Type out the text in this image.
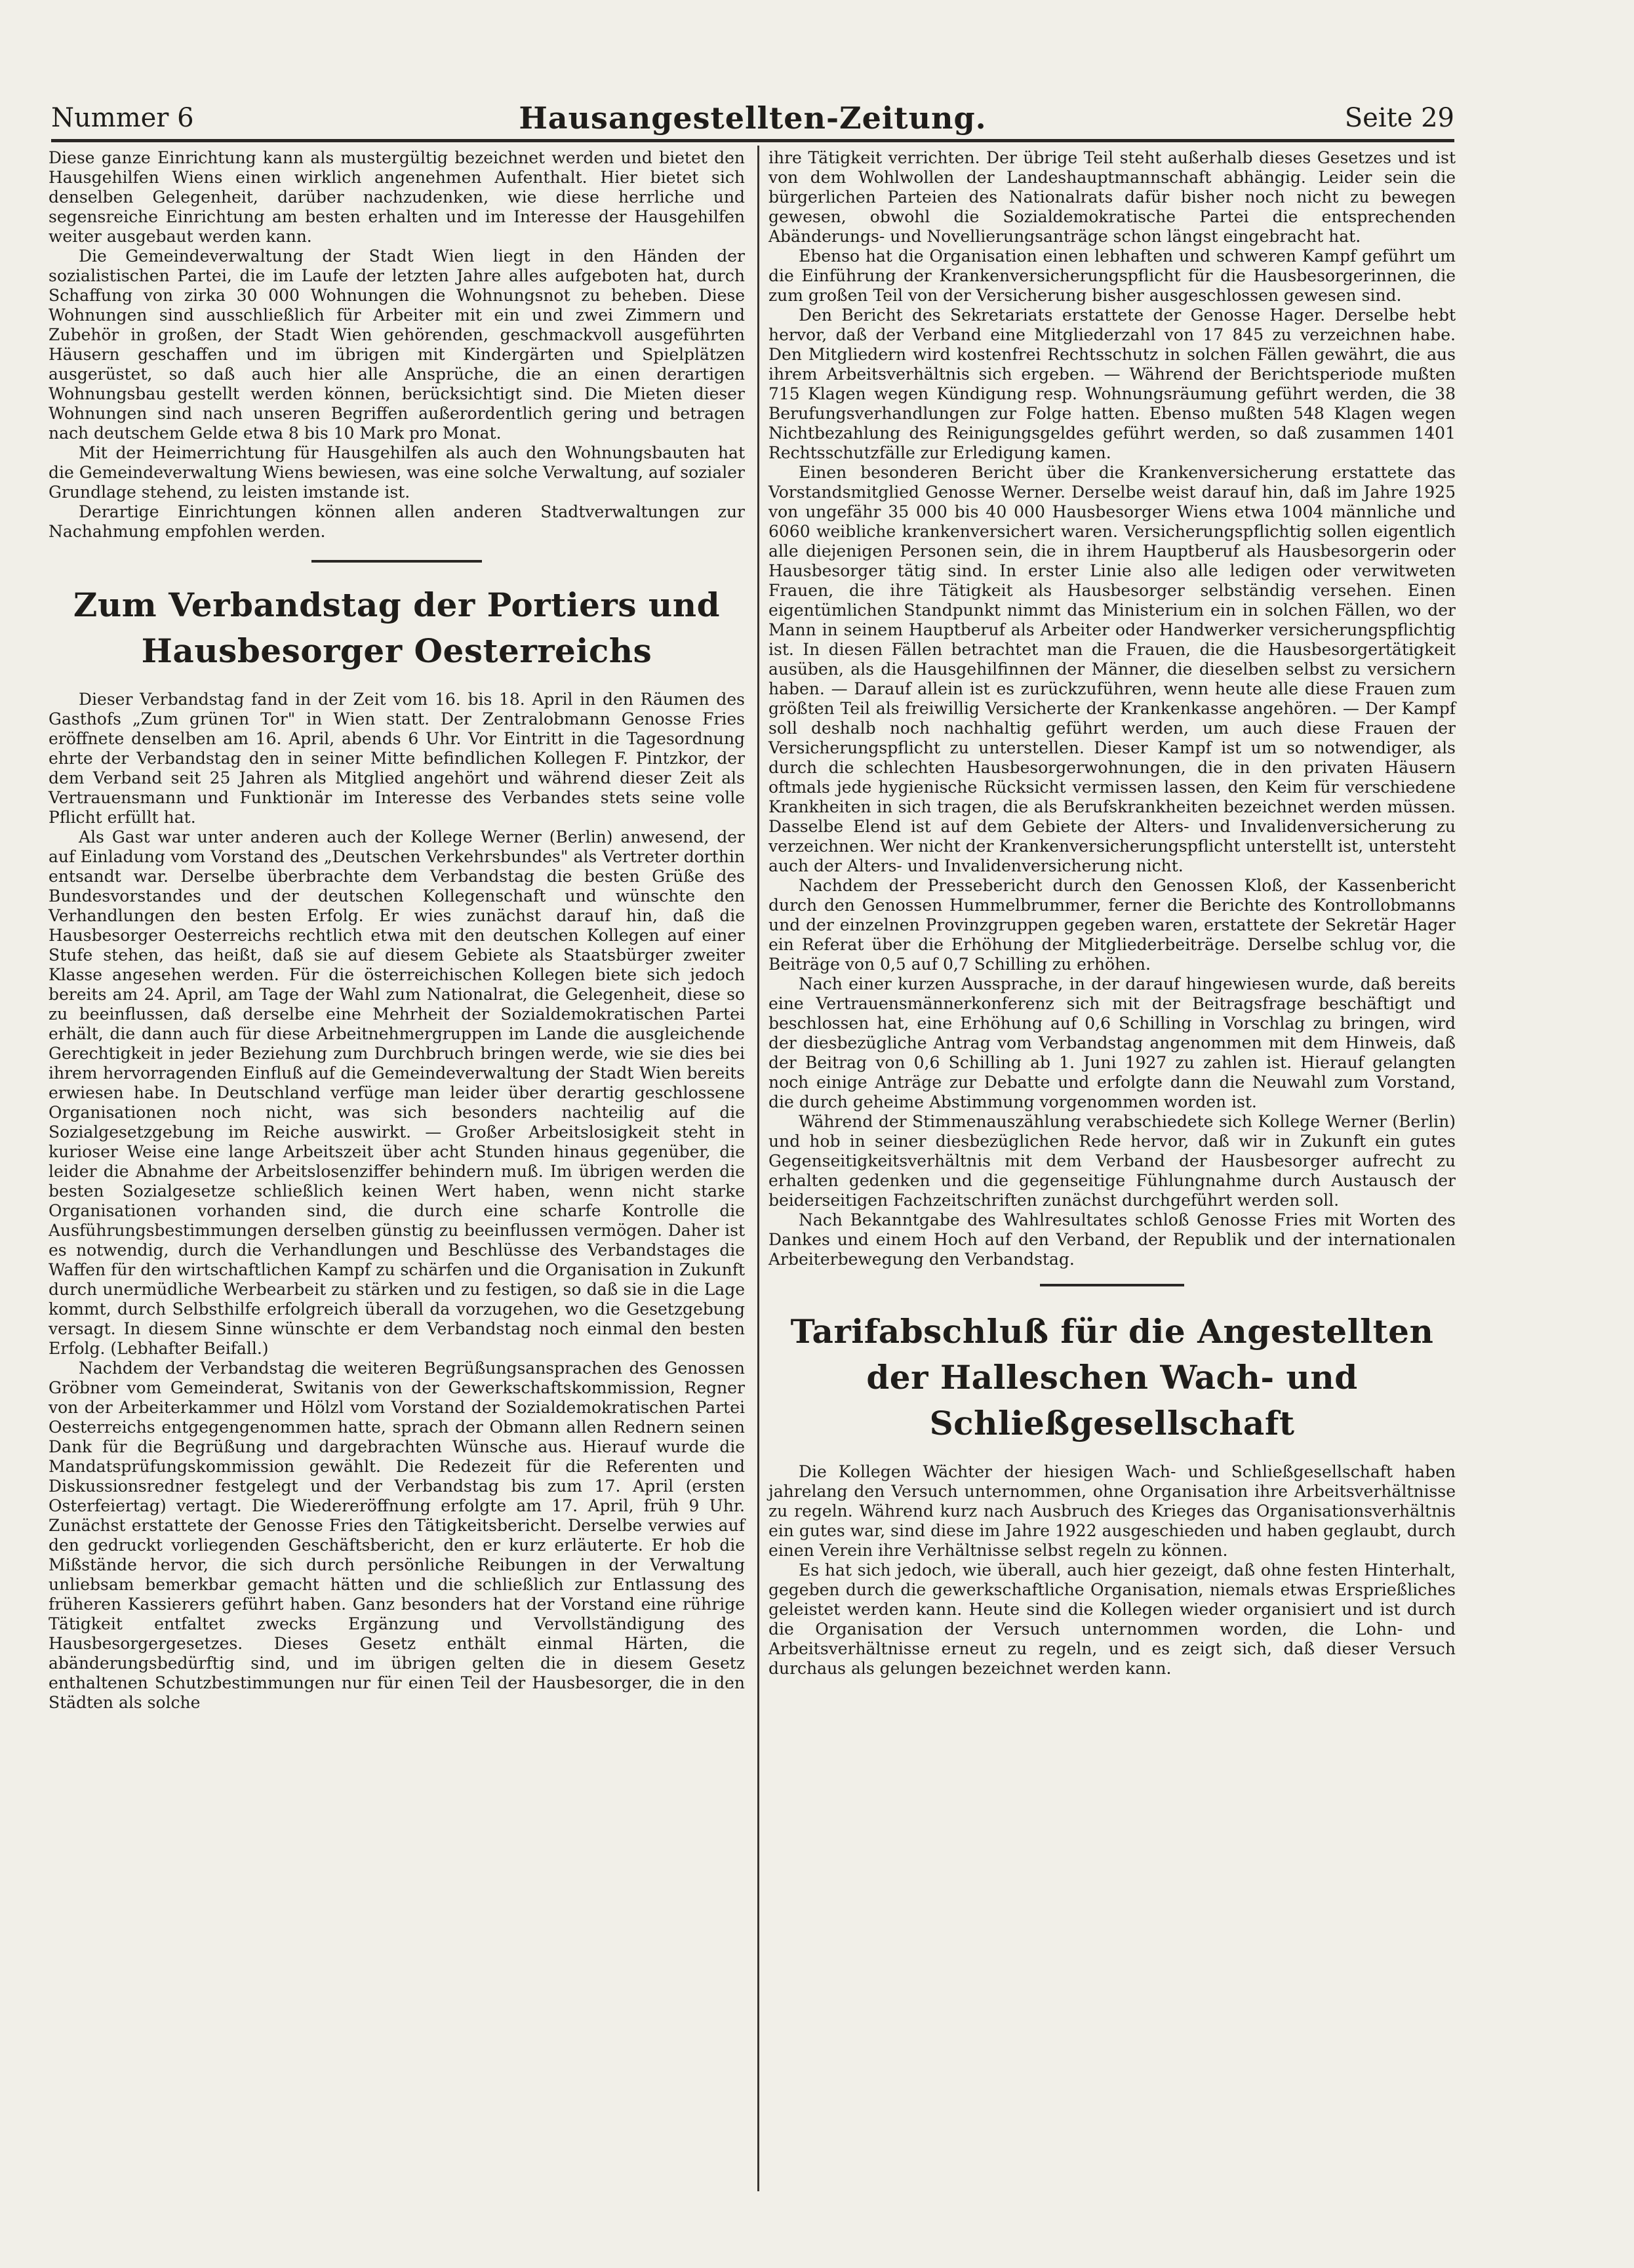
Nummer 6	Hausangestellten-Zeitung.	Seite 29

Diese ganze Einrichtung kann als mustergültig bezeichnet werden und bietet den Hausgehilfen Wiens einen wirklich angenehmen Aufenthalt. Hier bietet sich denselben Gelegenheit, darüber nachzudenken, wie diese herrliche und segensreiche Einrichtung am besten erhalten und im Interesse der Hausgehilfen weiter ausgebaut werden kann.

Die Gemeindeverwaltung der Stadt Wien liegt in den Händen der sozialistischen Partei, die im Laufe der letzten Jahre alles aufgeboten hat, durch Schaffung von zirka 30 000 Wohnungen die Wohnungsnot zu beheben. Diese Wohnungen sind ausschließlich für Arbeiter mit ein und zwei Zimmern und Zubehör in großen, der Stadt Wien gehörenden, geschmackvoll ausgeführten Häusern geschaffen und im übrigen mit Kindergärten und Spielplätzen ausgerüstet, so daß auch hier alle Ansprüche, die an einen derartigen Wohnungsbau gestellt werden können, berücksichtigt sind. Die Mieten dieser Wohnungen sind nach unseren Begriffen außerordentlich gering und betragen nach deutschem Gelde etwa 8 bis 10 Mark pro Monat.

Mit der Heimerrichtung für Hausgehilfen als auch den Wohnungsbauten hat die Gemeindeverwaltung Wiens bewiesen, was eine solche Verwaltung, auf sozialer Grundlage stehend, zu leisten imstande ist.

Derartige Einrichtungen können allen anderen Stadtverwaltungen zur Nachahmung empfohlen werden.

Zum Verbandstag der Portiers und Hausbesorger Oesterreichs

Dieser Verbandstag fand in der Zeit vom 16. bis 18. April in den Räumen des Gasthofs „Zum grünen Tor" in Wien statt. Der Zentralobmann Genosse Fries eröffnete denselben am 16. April, abends 6 Uhr. Vor Eintritt in die Tagesordnung ehrte der Verbandstag den in seiner Mitte befindlichen Kollegen F. Pintzkor, der dem Verband seit 25 Jahren als Mitglied angehört und während dieser Zeit als Vertrauensmann und Funktionär im Interesse des Verbandes stets seine volle Pflicht erfüllt hat.

Als Gast war unter anderen auch der Kollege Werner (Berlin) anwesend, der auf Einladung vom Vorstand des „Deutschen Verkehrsbundes" als Vertreter dorthin entsandt war. Derselbe überbrachte dem Verbandstag die besten Grüße des Bundesvorstandes und der deutschen Kollegenschaft und wünschte den Verhandlungen den besten Erfolg. Er wies zunächst darauf hin, daß die Hausbesorger Oesterreichs rechtlich etwa mit den deutschen Kollegen auf einer Stufe stehen, das heißt, daß sie auf diesem Gebiete als Staatsbürger zweiter Klasse angesehen werden. Für die österreichischen Kollegen biete sich jedoch bereits am 24. April, am Tage der Wahl zum Nationalrat, die Gelegenheit, diese so zu beeinflussen, daß derselbe eine Mehrheit der Sozialdemokratischen Partei erhält, die dann auch für diese Arbeitnehmergruppen im Lande die ausgleichende Gerechtigkeit in jeder Beziehung zum Durchbruch bringen werde, wie sie dies bei ihrem hervorragenden Einfluß auf die Gemeindeverwaltung der Stadt Wien bereits erwiesen habe. In Deutschland verfüge man leider über derartig geschlossene Organisationen noch nicht, was sich besonders nachteilig auf die Sozialgesetzgebung im Reiche auswirkt. — Großer Arbeitslosigkeit steht in kurioser Weise eine lange Arbeitszeit über acht Stunden hinaus gegenüber, die leider die Abnahme der Arbeitslosenziffer behindern muß. Im übrigen werden die besten Sozialgesetze schließlich keinen Wert haben, wenn nicht starke Organisationen vorhanden sind, die durch eine scharfe Kontrolle die Ausführungsbestimmungen derselben günstig zu beeinflussen vermögen. Daher ist es notwendig, durch die Verhandlungen und Beschlüsse des Verbandstages die Waffen für den wirtschaftlichen Kampf zu schärfen und die Organisation in Zukunft durch unermüdliche Werbearbeit zu stärken und zu festigen, so daß sie in die Lage kommt, durch Selbsthilfe erfolgreich überall da vorzugehen, wo die Gesetzgebung versagt. In diesem Sinne wünschte er dem Verbandstag noch einmal den besten Erfolg. (Lebhafter Beifall.)

Nachdem der Verbandstag die weiteren Begrüßungsansprachen des Genossen Gröbner vom Gemeinderat, Switanis von der Gewerkschaftskommission, Regner von der Arbeiterkammer und Hölzl vom Vorstand der Sozialdemokratischen Partei Oesterreichs entgegengenommen hatte, sprach der Obmann allen Rednern seinen Dank für die Begrüßung und dargebrachten Wünsche aus. Hierauf wurde die Mandatsprüfungskommission gewählt. Die Redezeit für die Referenten und Diskussionsredner festgelegt und der Verbandstag bis zum 17. April (ersten Osterfeiertag) vertagt. Die Wiedereröffnung erfolgte am 17. April, früh 9 Uhr. Zunächst erstattete der Genosse Fries den Tätigkeitsbericht. Derselbe verwies auf den gedruckt vorliegenden Geschäftsbericht, den er kurz erläuterte. Er hob die Mißstände hervor, die sich durch persönliche Reibungen in der Verwaltung unliebsam bemerkbar gemacht hätten und die schließlich zur Entlassung des früheren Kassierers geführt haben. Ganz besonders hat der Vorstand eine rührige Tätigkeit entfaltet zwecks Ergänzung und Vervollständigung des Hausbesorgergesetzes. Dieses Gesetz enthält einmal Härten, die abänderungsbedürftig sind, und im übrigen gelten die in diesem Gesetz enthaltenen Schutzbestimmungen nur für einen Teil der Hausbesorger, die in den Städten als solche

ihre Tätigkeit verrichten. Der übrige Teil steht außerhalb dieses Gesetzes und ist von dem Wohlwollen der Landeshauptmannschaft abhängig. Leider sein die bürgerlichen Parteien des Nationalrats dafür bisher noch nicht zu bewegen gewesen, obwohl die Sozialdemokratische Partei die entsprechenden Abänderungs- und Novellierungsanträge schon längst eingebracht hat.

Ebenso hat die Organisation einen lebhaften und schweren Kampf geführt um die Einführung der Krankenversicherungspflicht für die Hausbesorgerinnen, die zum großen Teil von der Versicherung bisher ausgeschlossen gewesen sind.

Den Bericht des Sekretariats erstattete der Genosse Hager. Derselbe hebt hervor, daß der Verband eine Mitgliederzahl von 17 845 zu verzeichnen habe. Den Mitgliedern wird kostenfrei Rechtsschutz in solchen Fällen gewährt, die aus ihrem Arbeitsverhältnis sich ergeben. — Während der Berichtsperiode mußten 715 Klagen wegen Kündigung resp. Wohnungsräumung geführt werden, die 38 Berufungsverhandlungen zur Folge hatten. Ebenso mußten 548 Klagen wegen Nichtbezahlung des Reinigungsgeldes geführt werden, so daß zusammen 1401 Rechtsschutzfälle zur Erledigung kamen.

Einen besonderen Bericht über die Krankenversicherung erstattete das Vorstandsmitglied Genosse Werner. Derselbe weist darauf hin, daß im Jahre 1925 von ungefähr 35 000 bis 40 000 Hausbesorger Wiens etwa 1004 männliche und 6060 weibliche krankenversichert waren. Versicherungspflichtig sollen eigentlich alle diejenigen Personen sein, die in ihrem Hauptberuf als Hausbesorgerin oder Hausbesorger tätig sind. In erster Linie also alle ledigen oder verwitweten Frauen, die ihre Tätigkeit als Hausbesorger selbständig versehen. Einen eigentümlichen Standpunkt nimmt das Ministerium ein in solchen Fällen, wo der Mann in seinem Hauptberuf als Arbeiter oder Handwerker versicherungspflichtig ist. In diesen Fällen betrachtet man die Frauen, die die Hausbesorgertätigkeit ausüben, als die Hausgehilfinnen der Männer, die dieselben selbst zu versichern haben. — Darauf allein ist es zurückzuführen, wenn heute alle diese Frauen zum größten Teil als freiwillig Versicherte der Krankenkasse angehören. — Der Kampf soll deshalb noch nachhaltig geführt werden, um auch diese Frauen der Versicherungspflicht zu unterstellen. Dieser Kampf ist um so notwendiger, als durch die schlechten Hausbesorgerwohnungen, die in den privaten Häusern oftmals jede hygienische Rücksicht vermissen lassen, den Keim für verschiedene Krankheiten in sich tragen, die als Berufskrankheiten bezeichnet werden müssen. Dasselbe Elend ist auf dem Gebiete der Alters- und Invalidenversicherung zu verzeichnen. Wer nicht der Krankenversicherungspflicht unterstellt ist, untersteht auch der Alters- und Invalidenversicherung nicht.

Nachdem der Pressebericht durch den Genossen Kloß, der Kassenbericht durch den Genossen Hummelbrummer, ferner die Berichte des Kontrollobmanns und der einzelnen Provinzgruppen gegeben waren, erstattete der Sekretär Hager ein Referat über die Erhöhung der Mitgliederbeiträge. Derselbe schlug vor, die Beiträge von 0,5 auf 0,7 Schilling zu erhöhen.

Nach einer kurzen Aussprache, in der darauf hingewiesen wurde, daß bereits eine Vertrauensmännerkonferenz sich mit der Beitragsfrage beschäftigt und beschlossen hat, eine Erhöhung auf 0,6 Schilling in Vorschlag zu bringen, wird der diesbezügliche Antrag vom Verbandstag angenommen mit dem Hinweis, daß der Beitrag von 0,6 Schilling ab 1. Juni 1927 zu zahlen ist. Hierauf gelangten noch einige Anträge zur Debatte und erfolgte dann die Neuwahl zum Vorstand, die durch geheime Abstimmung vorgenommen worden ist.

Während der Stimmenauszählung verabschiedete sich Kollege Werner (Berlin) und hob in seiner diesbezüglichen Rede hervor, daß wir in Zukunft ein gutes Gegenseitigkeitsverhältnis mit dem Verband der Hausbesorger aufrecht zu erhalten gedenken und die gegenseitige Fühlungnahme durch Austausch der beiderseitigen Fachzeitschriften zunächst durchgeführt werden soll.

Nach Bekanntgabe des Wahlresultates schloß Genosse Fries mit Worten des Dankes und einem Hoch auf den Verband, der Republik und der internationalen Arbeiterbewegung den Verbandstag.

Tarifabschluß für die Angestellten der Halleschen Wach- und Schließgesellschaft

Die Kollegen Wächter der hiesigen Wach- und Schließgesellschaft haben jahrelang den Versuch unternommen, ohne Organisation ihre Arbeitsverhältnisse zu regeln. Während kurz nach Ausbruch des Krieges das Organisationsverhältnis ein gutes war, sind diese im Jahre 1922 ausgeschieden und haben geglaubt, durch einen Verein ihre Verhältnisse selbst regeln zu können.

Es hat sich jedoch, wie überall, auch hier gezeigt, daß ohne festen Hinterhalt, gegeben durch die gewerkschaftliche Organisation, niemals etwas Ersprießliches geleistet werden kann. Heute sind die Kollegen wieder organisiert und ist durch die Organisation der Versuch unternommen worden, die Lohn- und Arbeitsverhältnisse erneut zu regeln, und es zeigt sich, daß dieser Versuch durchaus als gelungen bezeichnet werden kann.
